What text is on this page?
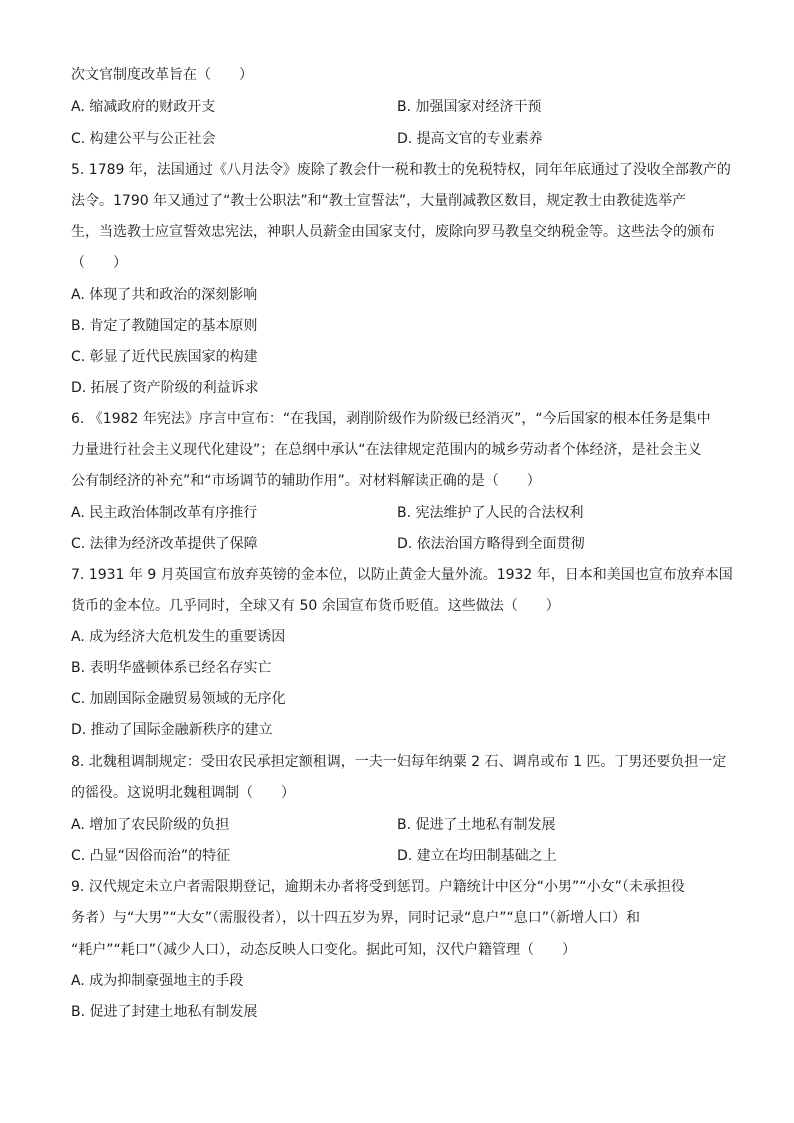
次文官制度改革旨在（　　）
A. 缩减政府的财政开支	B. 加强国家对经济干预
C. 构建公平与公正社会	D. 提高文官的专业素养
5. 1789 年，法国通过《八月法令》废除了教会什一税和教士的免税特权，同年年底通过了没收全部教产的
法令。1790 年又通过了“教士公职法”和“教士宣誓法”，大量削减教区数目，规定教士由教徒选举产
生，当选教士应宣誓效忠宪法，神职人员薪金由国家支付，废除向罗马教皇交纳税金等。这些法令的颁布
（　　）
A. 体现了共和政治的深刻影响
B. 肯定了教随国定的基本原则
C. 彰显了近代民族国家的构建
D. 拓展了资产阶级的利益诉求
6. 《1982 年宪法》序言中宣布：“在我国，剥削阶级作为阶级已经消灭”，“今后国家的根本任务是集中
力量进行社会主义现代化建设”；在总纲中承认“在法律规定范围内的城乡劳动者个体经济，是社会主义
公有制经济的补充”和“市场调节的辅助作用”。对材料解读正确的是（　　）
A. 民主政治体制改革有序推行	B. 宪法维护了人民的合法权利
C. 法律为经济改革提供了保障	D. 依法治国方略得到全面贯彻
7. 1931 年 9 月英国宣布放弃英镑的金本位，以防止黄金大量外流。1932 年，日本和美国也宣布放弃本国
货币的金本位。几乎同时，全球又有 50 余国宣布货币贬值。这些做法（　　）
A. 成为经济大危机发生的重要诱因
B. 表明华盛顿体系已经名存实亡
C. 加剧国际金融贸易领域的无序化
D. 推动了国际金融新秩序的建立
8. 北魏租调制规定：受田农民承担定额租调，一夫一妇每年纳粟 2 石、调帛或布 1 匹。丁男还要负担一定
的徭役。这说明北魏租调制（　　）
A. 增加了农民阶级的负担	B. 促进了土地私有制发展
C. 凸显“因俗而治”的特征	D. 建立在均田制基础之上
9. 汉代规定未立户者需限期登记，逾期未办者将受到惩罚。户籍统计中区分“小男”“小女”（未承担役
务者）与“大男”“大女”（需服役者），以十四五岁为界，同时记录“息户”“息口”（新增人口）和
“耗户”“耗口”（减少人口），动态反映人口变化。据此可知，汉代户籍管理（　　）
A. 成为抑制豪强地主的手段
B. 促进了封建土地私有制发展
